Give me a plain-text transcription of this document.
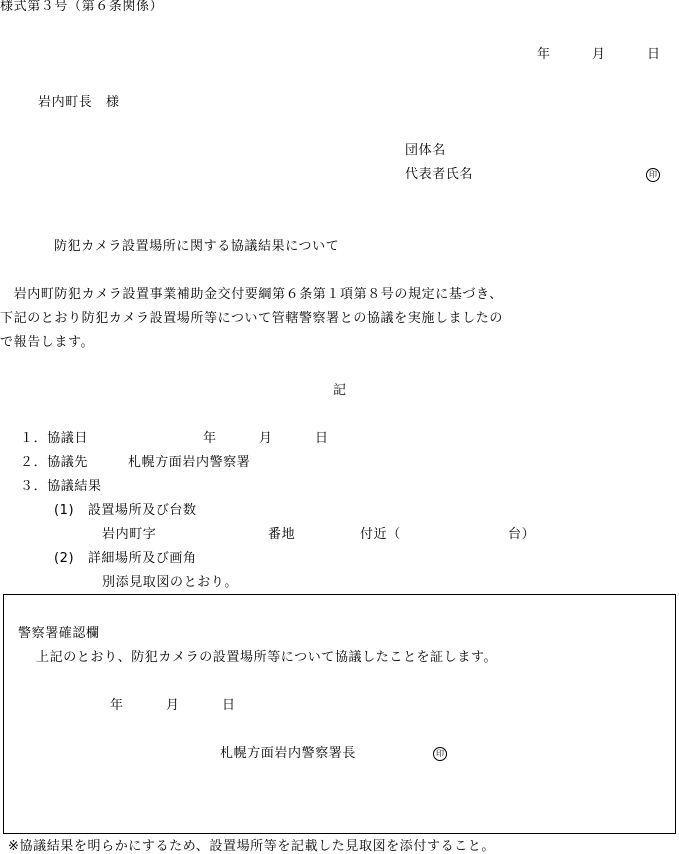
様式第３号（第６条関係）
年	月	日
岩内町長　様
団体名
代表者氏名	印
防犯カメラ設置場所に関する協議結果について
　岩内町防犯カメラ設置事業補助金交付要綱第６条第１項第８号の規定に基づき、
下記のとおり防犯カメラ設置場所等について管轄警察署との協議を実施しましたの
で報告します。
記
１．協議日	年	月	日
２．協議先	札幌方面岩内警察署
３．協議結果
(1)　設置場所及び台数
岩内町字	番地	付近（	台）
(2)　詳細場所及び画角
別添見取図のとおり。
警察署確認欄
上記のとおり、防犯カメラの設置場所等について協議したことを証します。
年	月	日
札幌方面岩内警察署長	印
※協議結果を明らかにするため、設置場所等を記載した見取図を添付すること。
